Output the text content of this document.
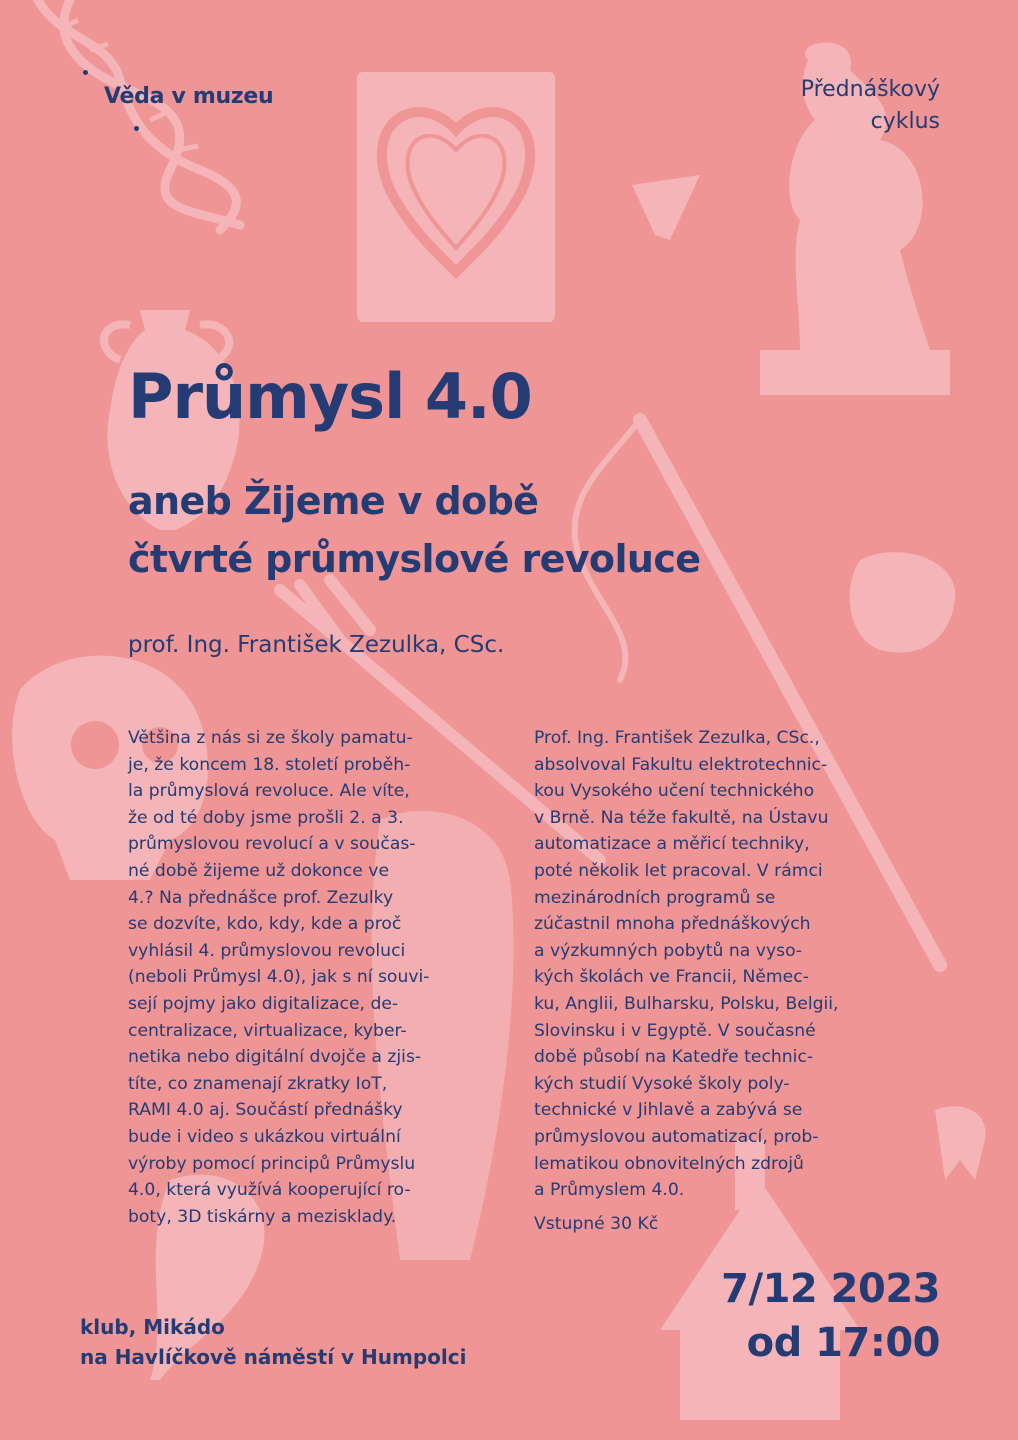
Věda v muzeu	Přednáškový
cyklus
Průmysl 4.0
aneb Žijeme v době
čtvrté průmyslové revoluce
prof. Ing. František Zezulka, CSc.
Většina z nás si ze školy pamatu-
je, že koncem 18. století proběh-
la průmyslová revoluce. Ale víte,
že od té doby jsme prošli 2. a 3.
průmyslovou revolucí a v součas-
né době žijeme už dokonce ve
4.? Na přednášce prof. Zezulky
se dozvíte, kdo, kdy, kde a proč
vyhlásil 4. průmyslovou revoluci
(neboli Průmysl 4.0), jak s ní souvi-
sejí pojmy jako digitalizace, de-
centralizace, virtualizace, kyber-
netika nebo digitální dvojče a zjis-
títe, co znamenají zkratky IoT,
RAMI 4.0 aj. Součástí přednášky
bude i video s ukázkou virtuální
výroby pomocí principů Průmyslu
4.0, která využívá kooperující ro-
boty, 3D tiskárny a mezisklady.
Prof. Ing. František Zezulka, CSc.,
absolvoval Fakultu elektrotechnic-
kou Vysokého učení technického
v Brně. Na téže fakultě, na Ústavu
automatizace a měřicí techniky,
poté několik let pracoval. V rámci
mezinárodních programů se
zúčastnil mnoha přednáškových
a výzkumných pobytů na vyso-
kých školách ve Francii, Němec-
ku, Anglii, Bulharsku, Polsku, Belgii,
Slovinsku i v Egyptě. V současné
době působí na Katedře technic-
kých studií Vysoké školy poly-
technické v Jihlavě a zabývá se
průmyslovou automatizací, prob-
lematikou obnovitelných zdrojů
a Průmyslem 4.0.
Vstupné 30 Kč
klub, Mikádo
na Havlíčkově náměstí v Humpolci
7/12 2023
od 17:00
